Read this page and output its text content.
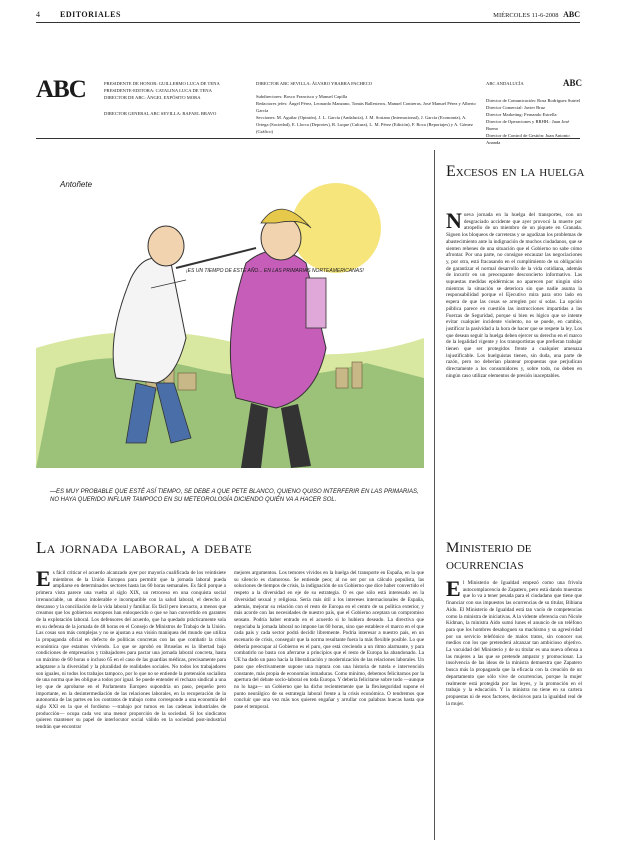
4	EDITORIALES	MIÉRCOLES 11-6-2008 ABC
ABC	PRESIDENTE DE HONOR: GUILLERMO LUCA DE TENA
PRESIDENTE-EDITORA: CATALINA LUCA DE TENA
DIRECTOR DE ABC: ÁNGEL EXPÓSITO MORA
DIRECTOR GENERAL ABC SEVILLA: RAFAEL BRAVO
DIRECTOR ABC SEVILLA: ÁLVARO YBARRA PACHECO
Subdirectores: Bosco Francisco y Manuel Capilla
Redactores jefes: Ángel Pérez, Leonardo Manzano, Tomás Ballesteros, Manuel Contreras, José Manuel Pérez y Alberto García
Secciones: M. Aguilar (Opinión), J. L. García (Andalucía), J. M. Soriano (Internacional), J. García (Economía), A. Ortega (Sociedad), E. Llorca (Deportes), R. Luque (Cultura), L. M. Pérez (Edición), F. Roca (Reportajes) y A. Gómez (Gráfico)
ABC ANDALUCÍA	ABC
Director de Comunicación: Rosa Rodríguez Sutriel
Director Comercial: Javier Bruz
Director Marketing: Fernando Estrella
Director de Operaciones y RRHH.: Juan José Bueno
Director de Control de Gestión: Juan Antonio Ananda
Antoñete
¡ES UN TIEMPO DE ESTE AÑO... EN LAS PRIMARIAS NORTEAMERICANAS!
—ES MUY PROBABLE QUE ESTÉ ASÍ TIEMPO, SE DEBE A QUE PETE BLANCO, QUIENO QUISO INTERFERIR EN LAS PRIMARIAS, NO HAYA QUERIDO INFLUIR TAMPOCO EN SU METEOROLOGÍA DICIENDO QUIÉN VA A HACER SOL.
La jornada laboral, a debate
Es fácil criticar el acuerdo alcanzado ayer por mayoría cualificada de los veintisiete miembros de la Unión Europea para permitir que la jornada laboral pueda ampliarse en determinados sectores hasta las 60 horas semanales. Es fácil porque a primera vista parece una vuelta al siglo XIX, un retroceso en una conquista social irrenunciable, un abuso intolerable e incompatible con la salud laboral, el derecho al descanso y la conciliación de la vida laboral y familiar. Es fácil pero inexacto, a menos que creamos que los gobiernos europeos han enloquecido o que se han convertido en garantes de la explotación laboral. Los defensores del acuerdo, que ha quedado prácticamente sola en su defensa de la jornada de 48 horas en el Consejo de Ministros de Trabajo de la Unión. Las cosas son más complejas y no se ajustan a esa visión maniquea del mundo que utiliza la propaganda oficial en defecto de políticas concretas con las que combatir la crisis económica que estamos viviendo. Lo que se aprobó en Bruselas es la libertad bajo condiciones de empresarios y trabajadores para pactar una jornada laboral concreta, hasta un máximo de 60 horas o incluso 65 en el caso de las guardias médicas, precisamente para adaptarse a la diversidad y la pluralidad de realidades sociales. No todos los trabajadores son iguales, ni todos los trabajos tampoco, por lo que no se entiende la pretensión socialista de una norma que les obligue a todos por igual. Se puede entender el rechazo sindical a una ley que de aprobarse en el Parlamento Europeo supondría un paso, pequeño pero importante, en la desintermediación de las relaciones laborales, en la recuperación de la autonomía de las partes en los contratos de trabajo como corresponde a una economía del siglo XXI en la que el fordismo —trabajo por turnos en las cadenas industriales de producción— ocupa cada vez una menor proporción de la sociedad. Si los sindicatos quieren mantener su papel de interlocutor social válido en la sociedad post-industrial tendrán que encontrar
mejores argumentos. Los temores vividos en la huelga del transporte en España, en la que su silencio es clamoroso. Se entiende peor, al no ser por un cálculo populista, las soluciones de tiempos de crisis, la indignación de un Gobierno que dice haber convertido el respeto a la diversidad en eje de su estrategia. O es que sólo está interesado en la diversidad sexual y religiosa. Sería más útil a los intereses internacionales de España, además, mejorar su relación con el resto de Europa en el centro de su política exterior, y más acorde con las necesidades de nuestro país, que el Gobierno aceptara un compromiso sensato. Podría haber entrado en el acuerdo si lo hubiera deseado. La directiva que negociaba la jornada laboral no impone las 60 horas, sino que establece el marco en el que cada país y cada sector podrá decidir libremente. Podría interesar a nuestro país, en un escenario de crisis, conseguir que la norma resultante fuera la más flexible posible. Lo que debería preocupar al Gobierno es el paro, que está creciendo a un ritmo alarmante, y para combatirlo no basta con aferrarse a principios que el resto de Europa ha abandonado. La UE ha dado un paso hacia la liberalización y modernización de las relaciones laborales. Un paso que efectivamente supone una ruptura con una historia de tutela e intervención constante, más propia de economías inmaduras. Como mínimo, debemos felicitarnos por la apertura del debate socio-laboral en toda Europa. Y debería felicitarse sobre todo —aunque no lo haga— un Gobierno que ha dicho recientemente que la flexiseguridad supone el punto neurálgico de su estrategia laboral frente a la crisis económica. O tendremos que concluir que una vez más nos quieren engañar y arrullar con palabras huecas hasta que pase el temporal.
Excesos en la huelga
Nueva jornada en la huelga del transportes, con un desgraciado accidente que ayer provocó la muerte por atropello de un miembro de un piquete en Granada. Siguen los bloqueos de carreteras y se agudizan los problemas de abastecimiento ante la indignación de muchos ciudadanos, que se sienten rehenes de una situación que el Gobierno no sabe cómo afrontar. Por una parte, no consigue encauzar las negociaciones y, por otra, está fracasando en el cumplimiento de su obligación de garantizar el normal desarrollo de la vida cotidiana, además de incurrir en un preocupante desconcierto informativo. Las supuestas medidas epidérmicas no aparecen por ningún sitio mientras la situación se deteriora sin que nadie asuma la responsabilidad porque el Ejecutivo mira para otro lado en espera de que las cosas se arreglen por sí solas. La opción pública parece en cuestión las instrucciones impartidas a las Fuerzas de Seguridad, porque si bien es lógico que se intente evitar cualquier incidente violento, no se puede, en cambio, justificar la pasividad a la hora de hacer que se respete la ley. Los que desean seguir la huelga deben ejercer su derecho en el marco de la legalidad vigente y los transportistas que prefieran trabajar tienen que ser protegidos frente a cualquier amenaza injustificable. Los huelguistas tienen, sin duda, una parte de razón, pero no deberían plantear propuestas que perjudican directamente a los consumidores y, sobre todo, no deben en ningún caso utilizar elementos de presión inaceptables.
Ministerio de ocurrencias
El Ministerio de Igualdad empezó como una frívola autocomplacencia de Zapatero, pero está dando muestras que lo va a tener pesada para el ciudadano que tiene que financiar con sus impuestos las ocurrencias de su titular, Bibiana Aído. El Ministerio de Igualdad está tan vacío de competencias como la ministra de iniciativas. A la vidente oferencia con Nicole Kidman, la ministra Aído sumó lunes el anuncio de un teléfono para que los hombres desahoguen su machismo y su agresividad por un servicio telefónico de malos tratos, sin conocer sus medios con los que pretenderá alcanzar tan ambicioso objetivo. La vacuidad del Ministerio y de su titular es una nueva ofensa a las mujeres a las que se pretende amparar y promocionar. La insolvencia de las ideas de la ministra demuestra que Zapatero busca más la propaganda que la eficacia con la creación de un departamento que sólo vive de ocurrencias, porque la mujer realmente está protegida por las leyes, y la promoción en el trabajo y la educación. Y la ministra no tiene en su cartera propuestas ni de esos factores, decisivos para la igualdad real de la mujer.
